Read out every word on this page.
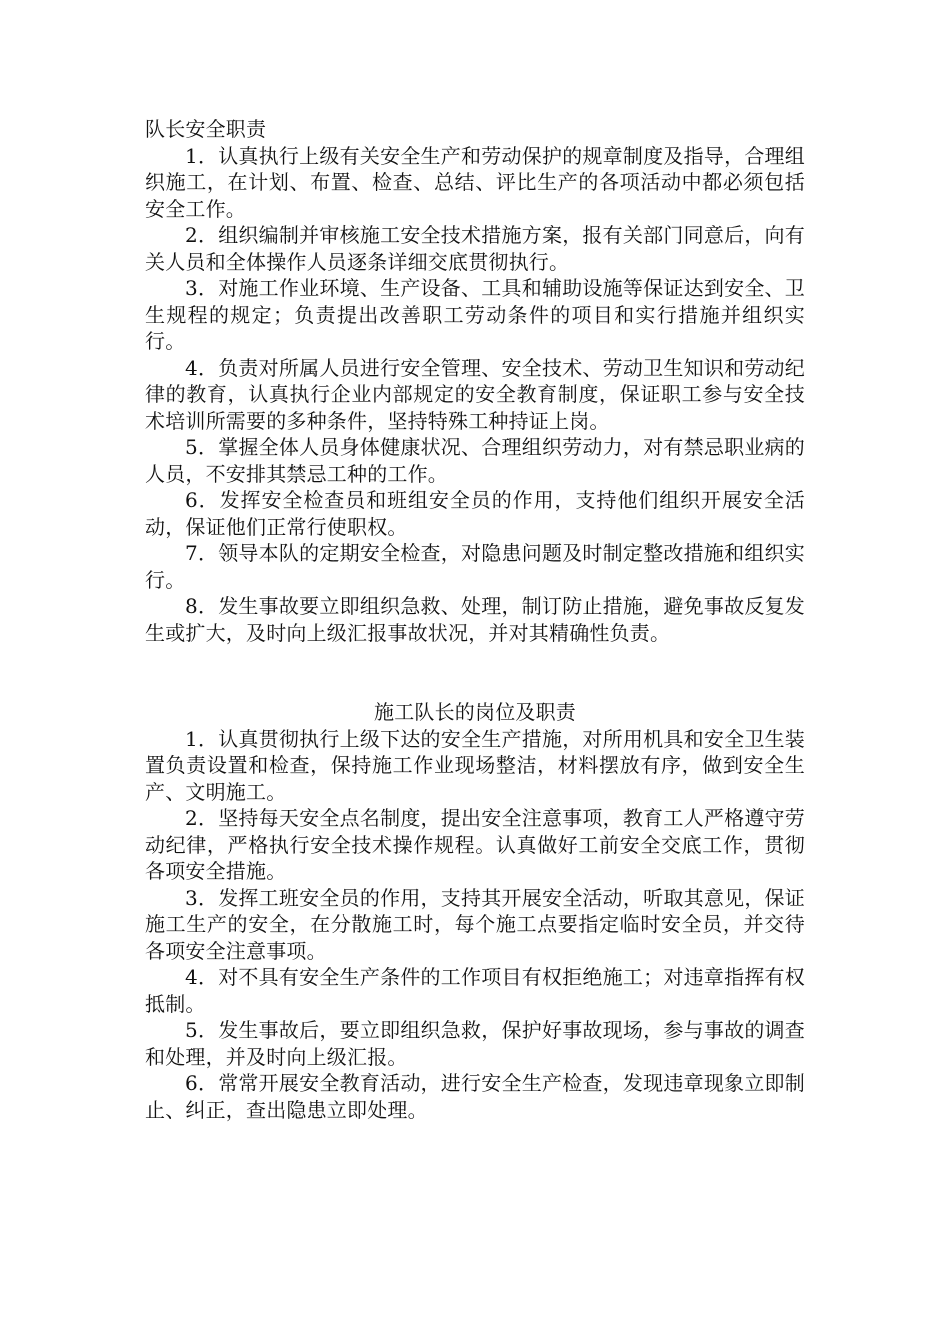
队长安全职责

1．认真执行上级有关安全生产和劳动保护的规章制度及指导，合理组织施工，在计划、布置、检查、总结、评比生产的各项活动中都必须包括安全工作。

2．组织编制并审核施工安全技术措施方案，报有关部门同意后，向有关人员和全体操作人员逐条详细交底贯彻执行。

3．对施工作业环境、生产设备、工具和辅助设施等保证达到安全、卫生规程的规定；负责提出改善职工劳动条件的项目和实行措施并组织实行。

4．负责对所属人员进行安全管理、安全技术、劳动卫生知识和劳动纪律的教育，认真执行企业内部规定的安全教育制度，保证职工参与安全技术培训所需要的多种条件，坚持特殊工种持证上岗。

5．掌握全体人员身体健康状况、合理组织劳动力，对有禁忌职业病的人员，不安排其禁忌工种的工作。

6．发挥安全检查员和班组安全员的作用，支持他们组织开展安全活动，保证他们正常行使职权。

7．领导本队的定期安全检查，对隐患问题及时制定整改措施和组织实行。

8．发生事故要立即组织急救、处理，制订防止措施，避免事故反复发生或扩大，及时向上级汇报事故状况，并对其精确性负责。

施工队长的岗位及职责

1．认真贯彻执行上级下达的安全生产措施，对所用机具和安全卫生装置负责设置和检查，保持施工作业现场整洁，材料摆放有序，做到安全生产、文明施工。

2．坚持每天安全点名制度，提出安全注意事项，教育工人严格遵守劳动纪律，严格执行安全技术操作规程。认真做好工前安全交底工作，贯彻各项安全措施。

3．发挥工班安全员的作用，支持其开展安全活动，听取其意见，保证施工生产的安全，在分散施工时，每个施工点要指定临时安全员，并交待各项安全注意事项。

4．对不具有安全生产条件的工作项目有权拒绝施工；对违章指挥有权抵制。

5．发生事故后，要立即组织急救，保护好事故现场，参与事故的调查和处理，并及时向上级汇报。

6．常常开展安全教育活动，进行安全生产检查，发现违章现象立即制止、纠正，查出隐患立即处理。
